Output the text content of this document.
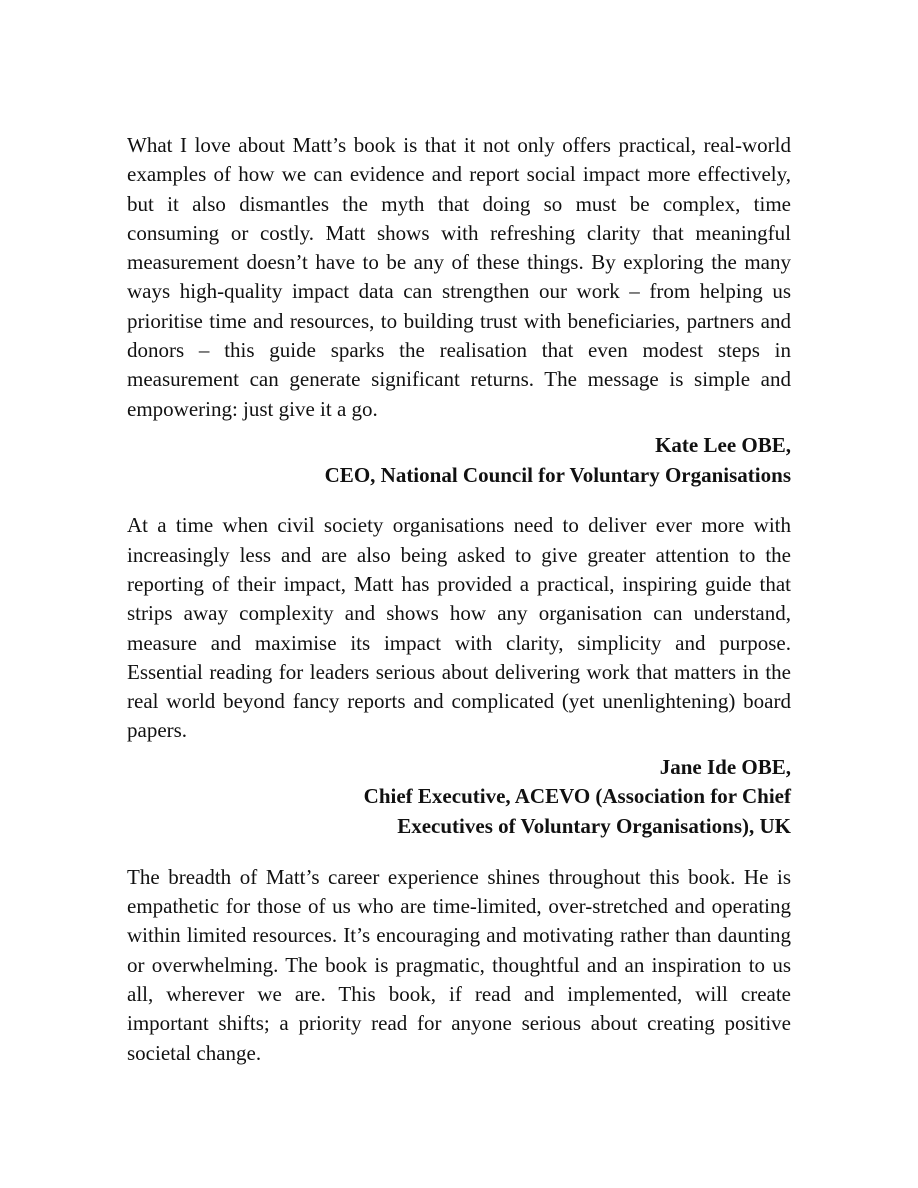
What I love about Matt’s book is that it not only offers practical, real-world examples of how we can evidence and report social impact more effectively, but it also dismantles the myth that doing so must be complex, time consuming or costly. Matt shows with refreshing clarity that meaningful measurement doesn’t have to be any of these things. By exploring the many ways high-quality impact data can strengthen our work – from helping us prioritise time and resources, to building trust with beneficiaries, partners and donors – this guide sparks the realisation that even modest steps in measurement can generate significant returns. The message is simple and empowering: just give it a go.

Kate Lee OBE,
CEO, National Council for Voluntary Organisations

At a time when civil society organisations need to deliver ever more with increasingly less and are also being asked to give greater attention to the reporting of their impact, Matt has provided a practical, inspiring guide that strips away complexity and shows how any organisation can understand, measure and maximise its impact with clarity, simplicity and purpose. Essential reading for leaders serious about delivering work that matters in the real world beyond fancy reports and complicated (yet unenlightening) board papers.

Jane Ide OBE,
Chief Executive, ACEVO (Association for Chief
Executives of Voluntary Organisations), UK

The breadth of Matt’s career experience shines throughout this book. He is empathetic for those of us who are time-limited, over-stretched and operating within limited resources. It’s encouraging and motivating rather than daunting or overwhelming. The book is pragmatic, thoughtful and an inspiration to us all, wherever we are. This book, if read and implemented, will create important shifts; a priority read for anyone serious about creating positive societal change.
